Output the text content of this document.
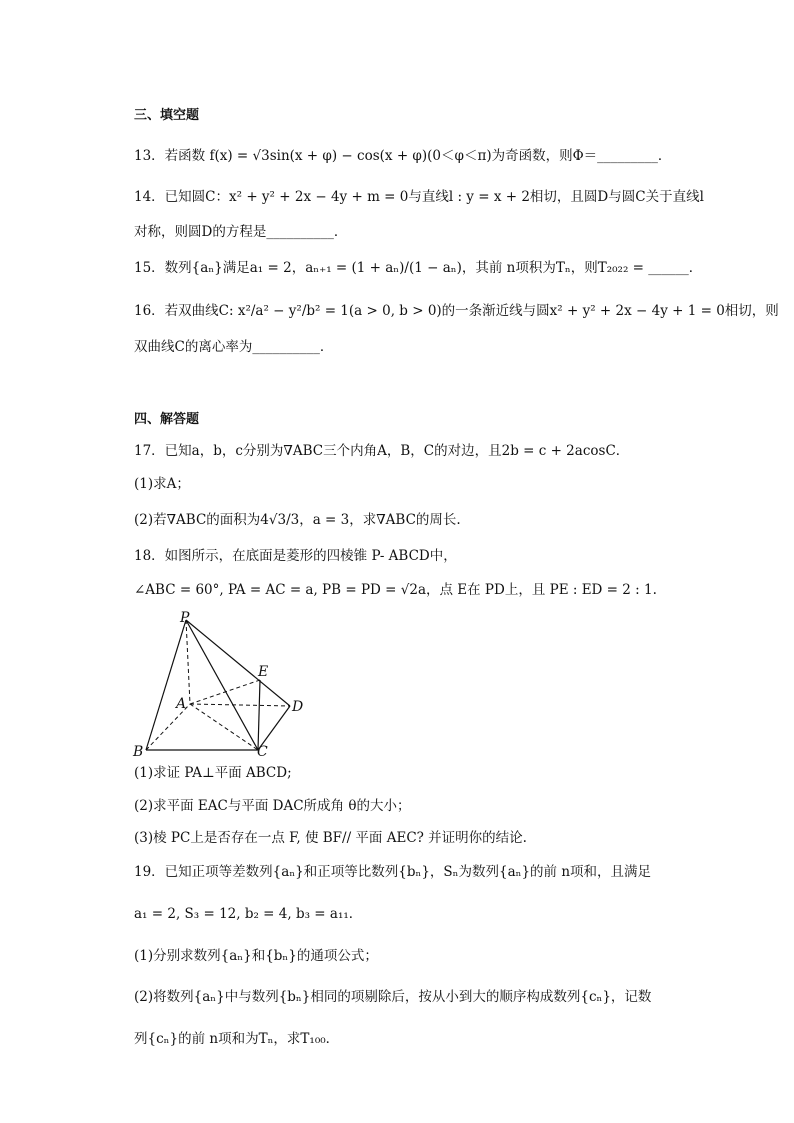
三、填空题
13．若函数 f(x) = √3sin(x + φ) − cos(x + φ)(0＜φ＜π)为奇函数，则Φ＝_________．
14．已知圆C：x² + y² + 2x − 4y + m = 0与直线l : y = x + 2相切，且圆D与圆C关于直线l
对称，则圆D的方程是__________．
15．数列{aₙ}满足a₁ = 2，aₙ₊₁ = (1 + aₙ)/(1 − aₙ)，其前 n项积为Tₙ，则T₂₀₂₂ = ______．
16．若双曲线C: x²/a² − y²/b² = 1(a > 0, b > 0)的一条渐近线与圆x² + y² + 2x − 4y + 1 = 0相切，则
双曲线C的离心率为__________．
四、解答题
17．已知a，b，c分别为∇ABC三个内角A，B，C的对边，且2b = c + 2acosC．
(1)求A；
(2)若∇ABC的面积为4√3/3，a = 3，求∇ABC的周长.
18．如图所示，在底面是菱形的四棱锥 P- ABCD中，
∠ABC = 60°, PA = AC = a, PB = PD = √2a，点 E在 PD上，且 PE : ED = 2 : 1.
P
E
A	D
B	C
(1)求证 PA⊥平面 ABCD;
(2)求平面 EAC与平面 DAC所成角 θ的大小；
(3)棱 PC上是否存在一点 F, 使 BF// 平面 AEC? 并证明你的结论.
19．已知正项等差数列{aₙ}和正项等比数列{bₙ}，Sₙ为数列{aₙ}的前 n项和，且满足
a₁ = 2, S₃ = 12, b₂ = 4, b₃ = a₁₁．
(1)分别求数列{aₙ}和{bₙ}的通项公式；
(2)将数列{aₙ}中与数列{bₙ}相同的项剔除后，按从小到大的顺序构成数列{cₙ}，记数
列{cₙ}的前 n项和为Tₙ，求T₁₀₀．
